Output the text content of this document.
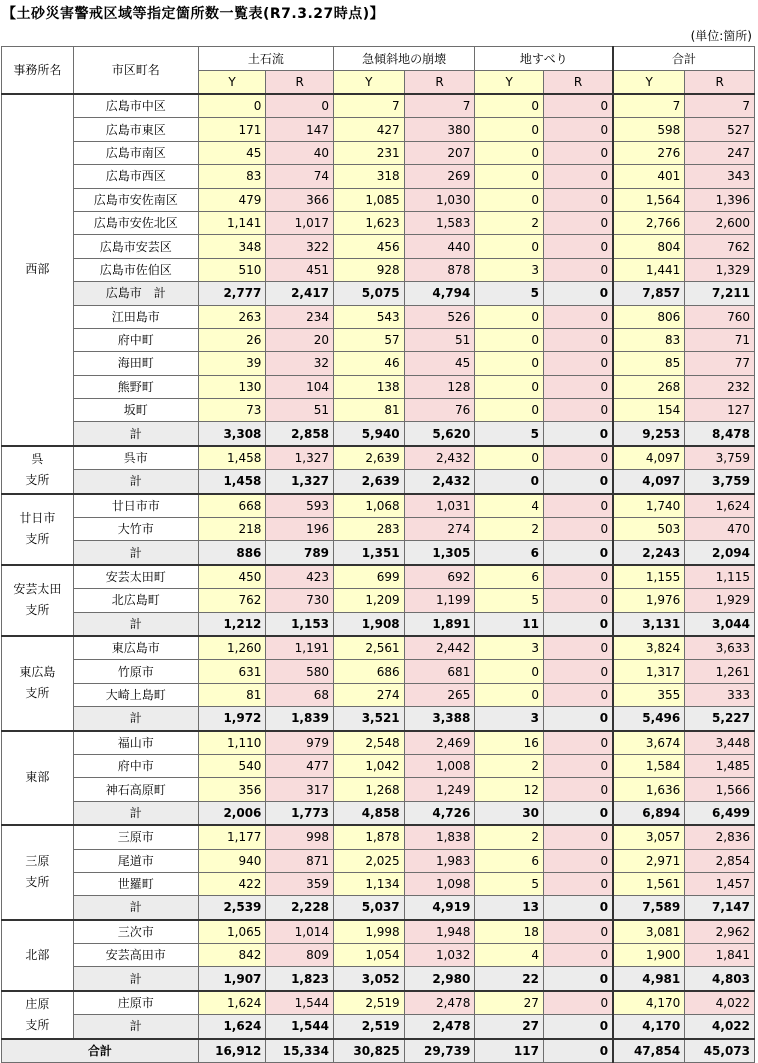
【土砂災害警戒区域等指定箇所数一覧表(R7.3.27時点)】
(単位:箇所)
事務所名	市区町名	土石流		急傾斜地の崩壊		地すべり		合計	
		Y	R	Y	R	Y	R	Y	R

西部	広島市中区	0	0	7	7	0	0	7	7
	広島市東区	171	147	427	380	0	0	598	527
	広島市南区	45	40	231	207	0	0	276	247
	広島市西区	83	74	318	269	0	0	401	343
	広島市安佐南区	479	366	1,085	1,030	0	0	1,564	1,396
	広島市安佐北区	1,141	1,017	1,623	1,583	2	0	2,766	2,600
	広島市安芸区	348	322	456	440	0	0	804	762
	広島市佐伯区	510	451	928	878	3	0	1,441	1,329
	広島市　計	2,777	2,417	5,075	4,794	5	0	7,857	7,211
	江田島市	263	234	543	526	0	0	806	760
	府中町	26	20	57	51	0	0	83	71
	海田町	39	32	46	45	0	0	85	77
	熊野町	130	104	138	128	0	0	268	232
	坂町	73	51	81	76	0	0	154	127
	計	3,308	2,858	5,940	5,620	5	0	9,253	8,478

呉
支所	呉市	1,458	1,327	2,639	2,432	0	0	4,097	3,759
	計	1,458	1,327	2,639	2,432	0	0	4,097	3,759

廿日市
支所	廿日市市	668	593	1,068	1,031	4	0	1,740	1,624
	大竹市	218	196	283	274	2	0	503	470
	計	886	789	1,351	1,305	6	0	2,243	2,094

安芸太田
支所	安芸太田町	450	423	699	692	6	0	1,155	1,115
	北広島町	762	730	1,209	1,199	5	0	1,976	1,929
	計	1,212	1,153	1,908	1,891	11	0	3,131	3,044

東広島
支所	東広島市	1,260	1,191	2,561	2,442	3	0	3,824	3,633
	竹原市	631	580	686	681	0	0	1,317	1,261
	大崎上島町	81	68	274	265	0	0	355	333
	計	1,972	1,839	3,521	3,388	3	0	5,496	5,227

東部	福山市	1,110	979	2,548	2,469	16	0	3,674	3,448
	府中市	540	477	1,042	1,008	2	0	1,584	1,485
	神石高原町	356	317	1,268	1,249	12	0	1,636	1,566
	計	2,006	1,773	4,858	4,726	30	0	6,894	6,499

三原
支所	三原市	1,177	998	1,878	1,838	2	0	3,057	2,836
	尾道市	940	871	2,025	1,983	6	0	2,971	2,854
	世羅町	422	359	1,134	1,098	5	0	1,561	1,457
	計	2,539	2,228	5,037	4,919	13	0	7,589	7,147

北部	三次市	1,065	1,014	1,998	1,948	18	0	3,081	2,962
	安芸高田市	842	809	1,054	1,032	4	0	1,900	1,841
	計	1,907	1,823	3,052	2,980	22	0	4,981	4,803

庄原
支所	庄原市	1,624	1,544	2,519	2,478	27	0	4,170	4,022
	計	1,624	1,544	2,519	2,478	27	0	4,170	4,022
合計		16,912	15,334	30,825	29,739	117	0	47,854	45,073
